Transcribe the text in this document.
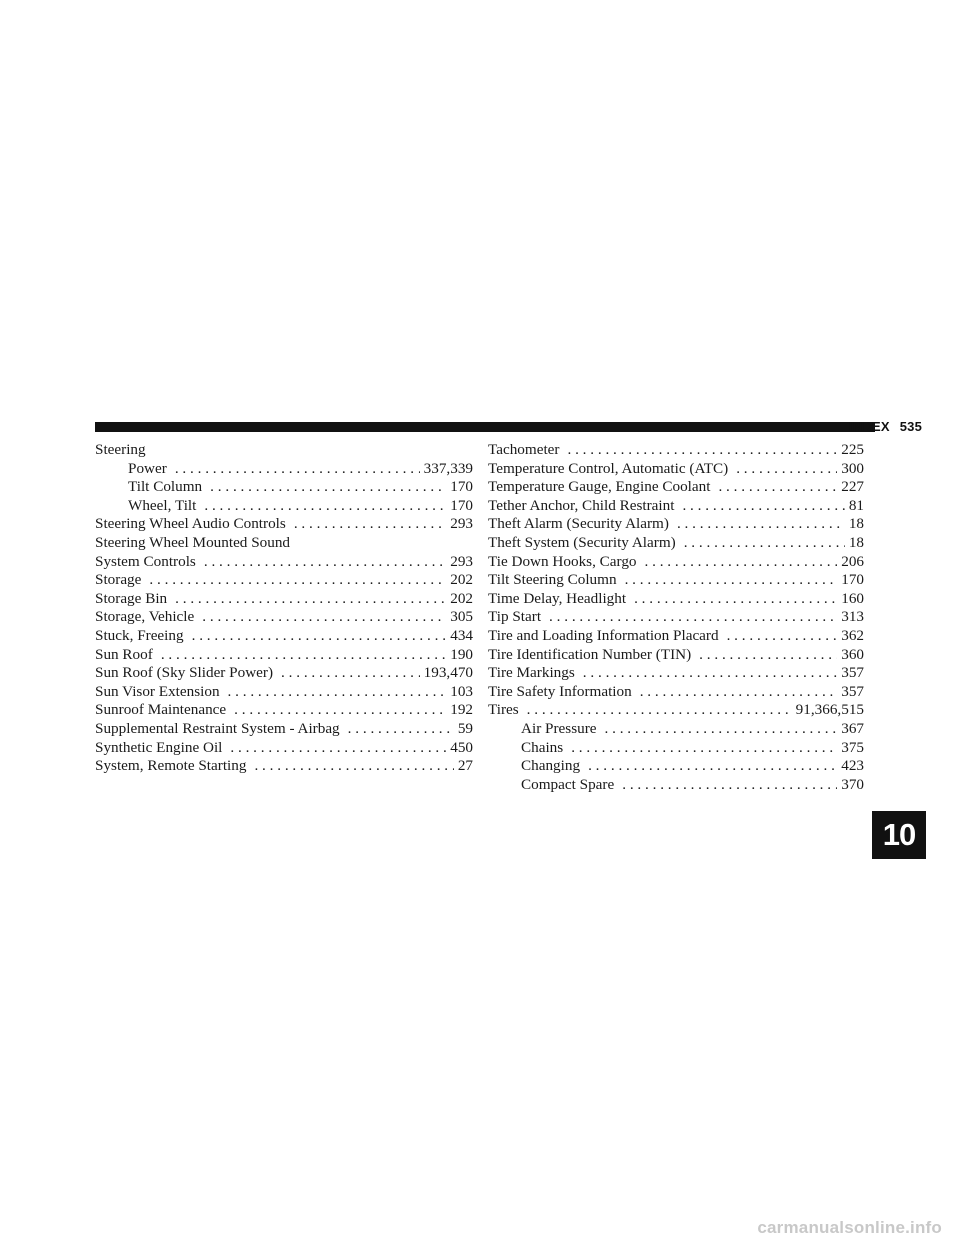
INDEX 535
Steering
Power . . .	337,339
Tilt Column . . .	170
Wheel, Tilt . . .	170
Steering Wheel Audio Controls . . .	293
Steering Wheel Mounted Sound
System Controls . . .	293
Storage . . .	202
Storage Bin . . .	202
Storage, Vehicle . . .	305
Stuck, Freeing . . .	434
Sun Roof . . .	190
Sun Roof (Sky Slider Power) . . .	193,470
Sun Visor Extension . . .	103
Sunroof Maintenance . . .	192
Supplemental Restraint System - Airbag . . .	59
Synthetic Engine Oil . . .	450
System, Remote Starting . . .	27
Tachometer . . .	225
Temperature Control, Automatic (ATC) . . .	300
Temperature Gauge, Engine Coolant . . .	227
Tether Anchor, Child Restraint . . .	81
Theft Alarm (Security Alarm) . . .	18
Theft System (Security Alarm) . . .	18
Tie Down Hooks, Cargo . . .	206
Tilt Steering Column . . .	170
Time Delay, Headlight . . .	160
Tip Start . . .	313
Tire and Loading Information Placard . . .	362
Tire Identification Number (TIN) . . .	360
Tire Markings . . .	357
Tire Safety Information . . .	357
Tires . . .	91,366,515
Air Pressure . . .	367
Chains . . .	375
Changing . . .	423
Compact Spare . . .	370
10
carmanualsonline.info
